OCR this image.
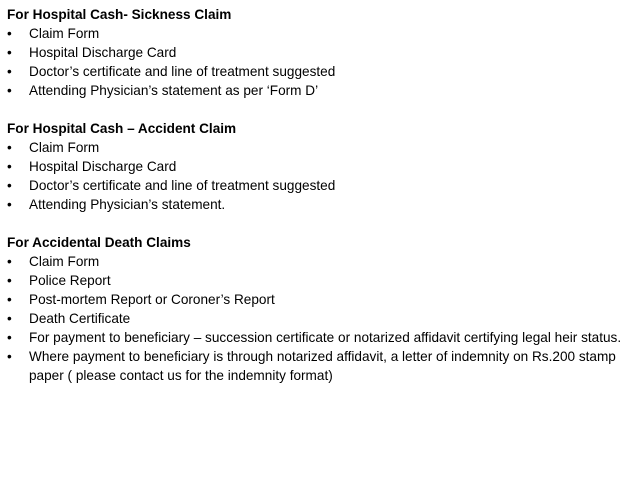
For Hospital Cash- Sickness Claim

•	Claim Form
•	Hospital Discharge Card
•	Doctor’s certificate and line of treatment suggested
•	Attending Physician’s statement as per ‘Form D’

For Hospital Cash – Accident Claim

•	Claim Form
•	Hospital Discharge Card
•	Doctor’s certificate and line of treatment suggested
•	Attending Physician’s statement.

For Accidental Death Claims

•	Claim Form
•	Police Report
•	Post-mortem Report or Coroner’s Report
•	Death Certificate
•	For payment to beneficiary – succession certificate or notarized affidavit certifying legal heir status.
•	Where payment to beneficiary is through notarized affidavit, a letter of indemnity on Rs.200 stamp paper ( please contact us for the indemnity format)
